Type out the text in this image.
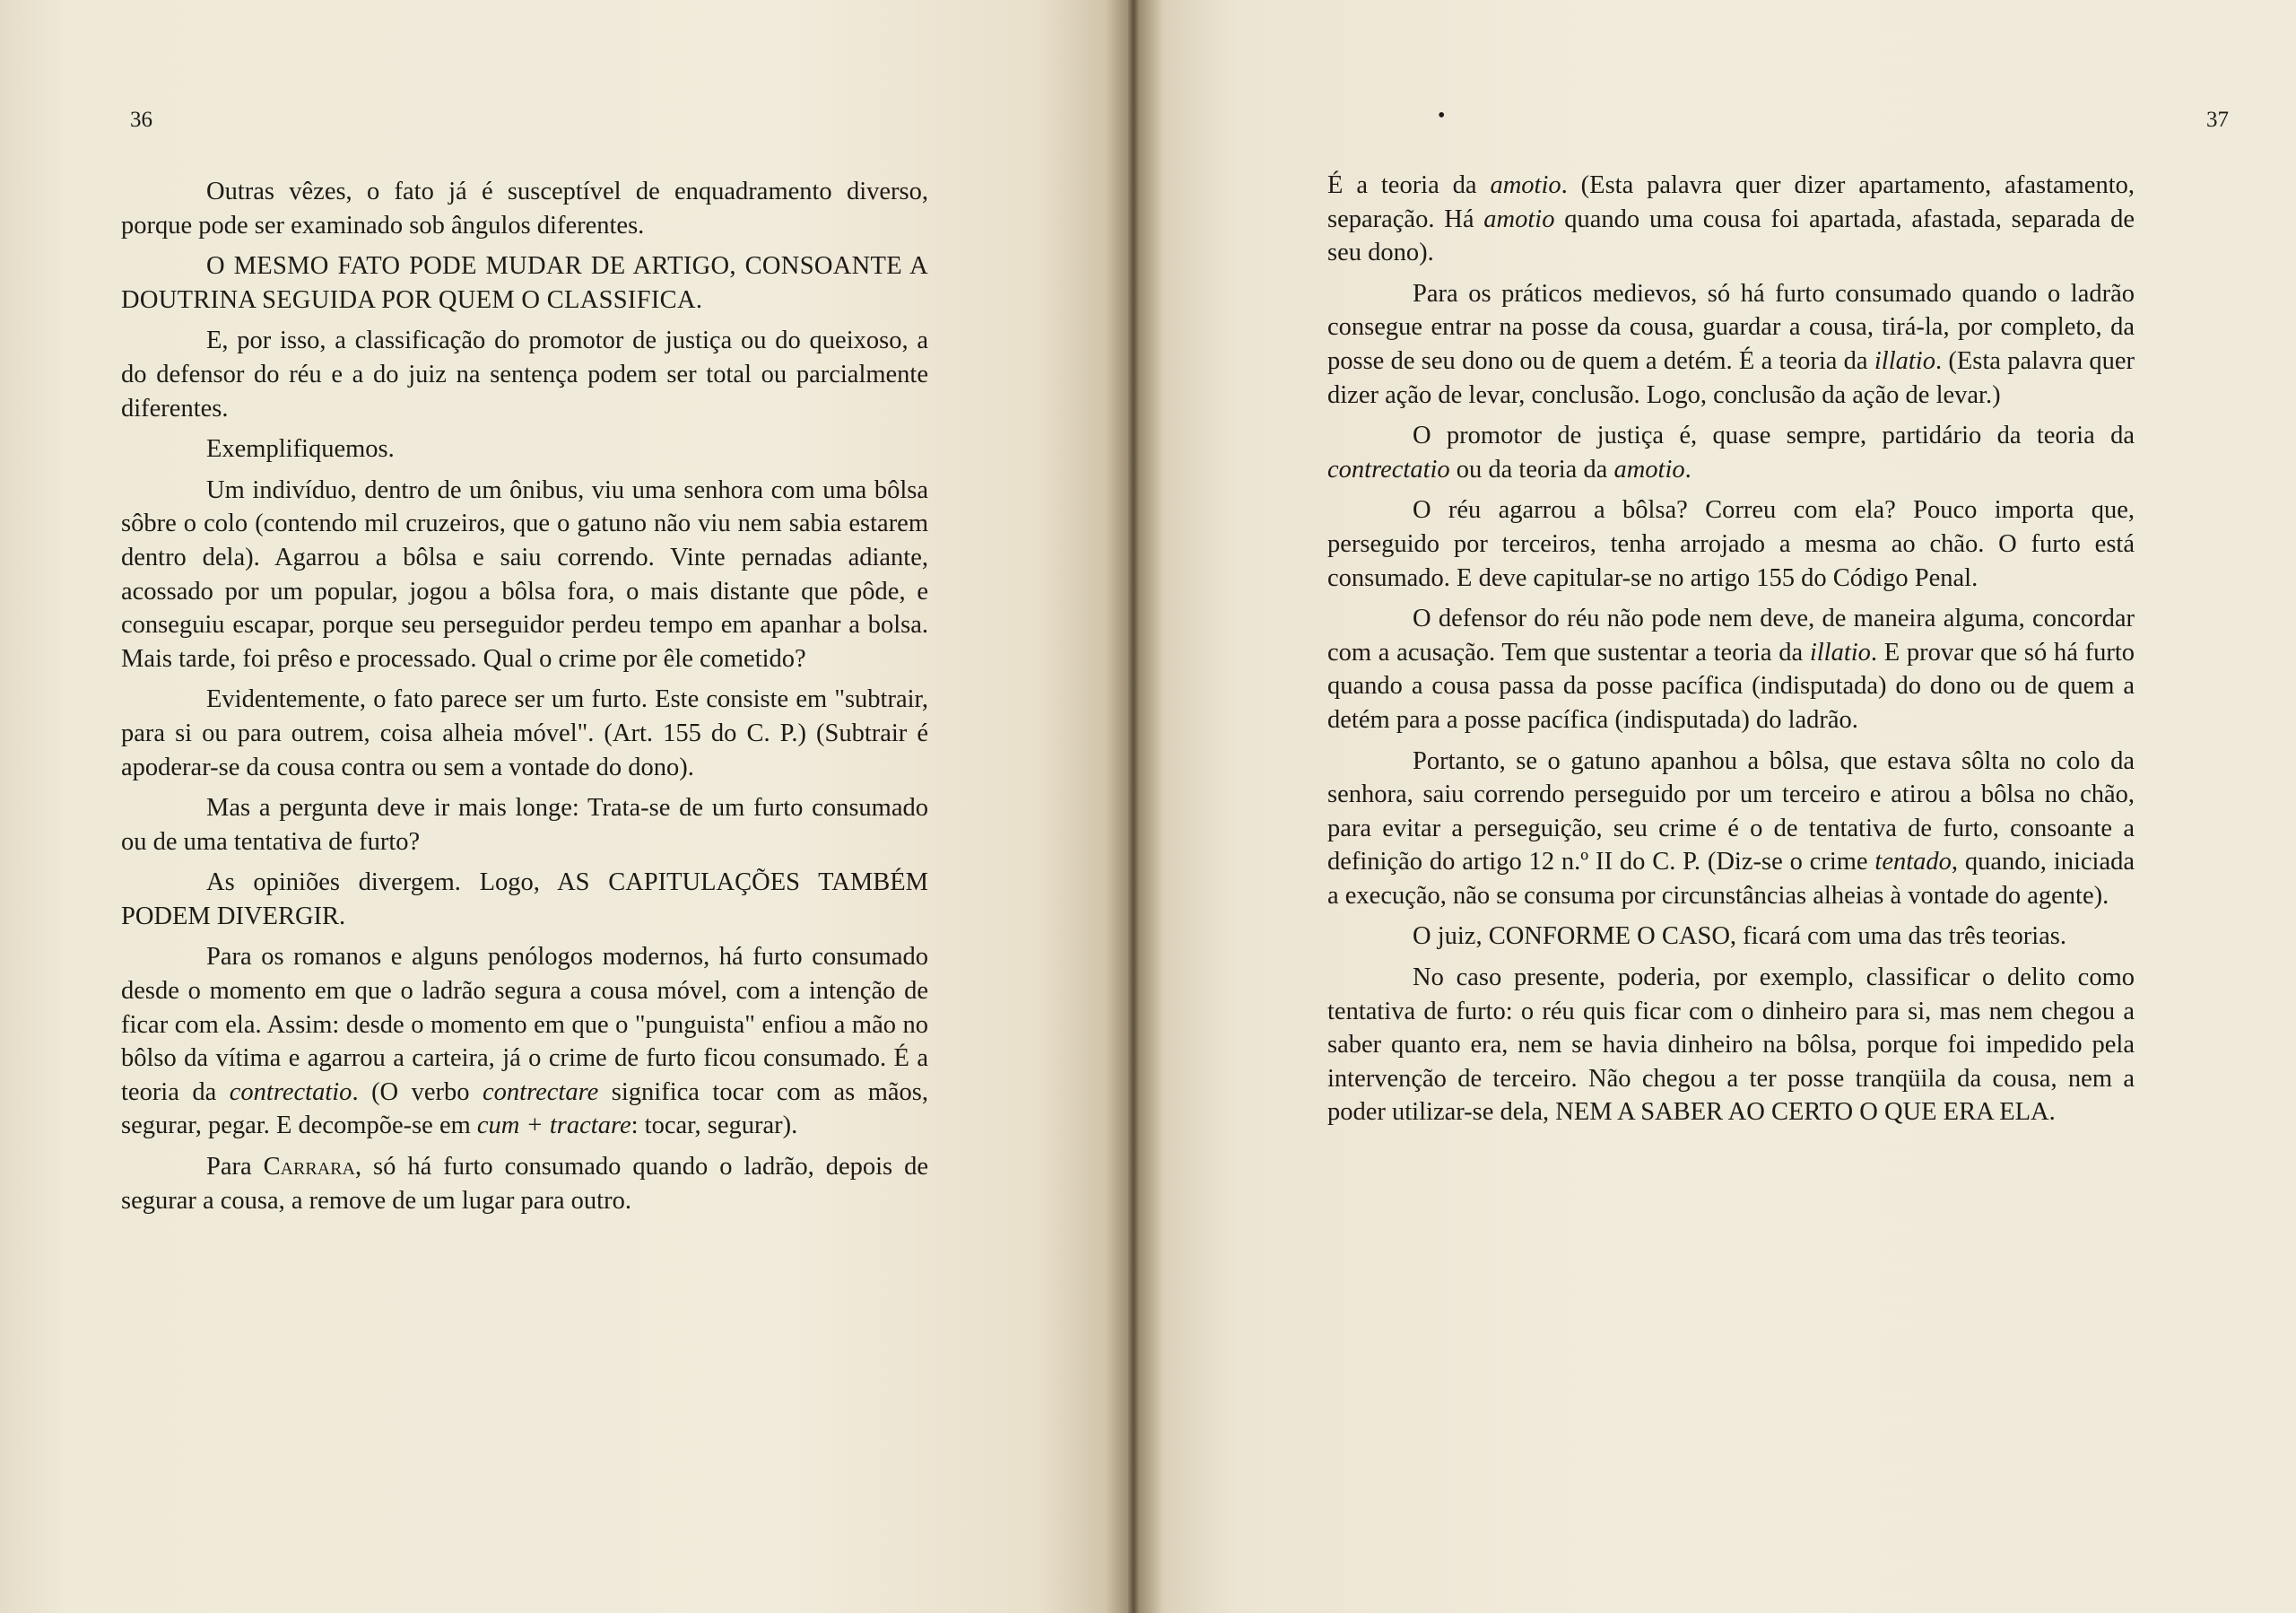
36

Outras vêzes, o fato já é susceptível de enquadramento diverso, porque pode ser examinado sob ângulos diferentes.

O MESMO FATO PODE MUDAR DE ARTIGO, CONSOANTE A DOUTRINA SEGUIDA POR QUEM O CLASSIFICA.

E, por isso, a classificação do promotor de justiça ou do queixoso, a do defensor do réu e a do juiz na sentença podem ser total ou parcialmente diferentes.

Exemplifiquemos.

Um indivíduo, dentro de um ônibus, viu uma senhora com uma bôlsa sôbre o colo (contendo mil cruzeiros, que o gatuno não viu nem sabia estarem dentro dela). Agarrou a bôlsa e saiu correndo. Vinte pernadas adiante, acossado por um popular, jogou a bôlsa fora, o mais distante que pôde, e conseguiu escapar, porque seu perseguidor perdeu tempo em apanhar a bolsa. Mais tarde, foi prêso e processado. Qual o crime por êle cometido?

Evidentemente, o fato parece ser um furto. Este consiste em "subtrair, para si ou para outrem, coisa alheia móvel". (Art. 155 do C. P.) (Subtrair é apoderar-se da cousa contra ou sem a vontade do dono).

Mas a pergunta deve ir mais longe: Trata-se de um furto consumado ou de uma tentativa de furto?

As opiniões divergem. Logo, AS CAPITULAÇÕES TAMBÉM PODEM DIVERGIR.

Para os romanos e alguns penólogos modernos, há furto consumado desde o momento em que o ladrão segura a cousa móvel, com a intenção de ficar com ela. Assim: desde o momento em que o "punguista" enfiou a mão no bôlso da vítima e agarrou a carteira, já o crime de furto ficou consumado. É a teoria da contrectatio. (O verbo contrectare significa tocar com as mãos, segurar, pegar. E decompõe-se em cum + tractare: tocar, segurar).

Para Carrara, só há furto consumado quando o ladrão, depois de segurar a cousa, a remove de um lugar para outro.

•	37

É a teoria da amotio. (Esta palavra quer dizer apartamento, afastamento, separação. Há amotio quando uma cousa foi apartada, afastada, separada de seu dono).

Para os práticos medievos, só há furto consumado quando o ladrão consegue entrar na posse da cousa, guardar a cousa, tirá-la, por completo, da posse de seu dono ou de quem a detém. É a teoria da illatio. (Esta palavra quer dizer ação de levar, conclusão. Logo, conclusão da ação de levar.)

O promotor de justiça é, quase sempre, partidário da teoria da contrectatio ou da teoria da amotio.

O réu agarrou a bôlsa? Correu com ela? Pouco importa que, perseguido por terceiros, tenha arrojado a mesma ao chão. O furto está consumado. E deve capitular-se no artigo 155 do Código Penal.

O defensor do réu não pode nem deve, de maneira alguma, concordar com a acusação. Tem que sustentar a teoria da illatio. E provar que só há furto quando a cousa passa da posse pacífica (indisputada) do dono ou de quem a detém para a posse pacífica (indisputada) do ladrão.

Portanto, se o gatuno apanhou a bôlsa, que estava sôlta no colo da senhora, saiu correndo perseguido por um terceiro e atirou a bôlsa no chão, para evitar a perseguição, seu crime é o de tentativa de furto, consoante a definição do artigo 12 n.º II do C. P. (Diz-se o crime tentado, quando, iniciada a execução, não se consuma por circunstâncias alheias à vontade do agente).

O juiz, CONFORME O CASO, ficará com uma das três teorias.

No caso presente, poderia, por exemplo, classificar o delito como tentativa de furto: o réu quis ficar com o dinheiro para si, mas nem chegou a saber quanto era, nem se havia dinheiro na bôlsa, porque foi impedido pela intervenção de terceiro. Não chegou a ter posse tranqüila da cousa, nem a poder utilizar-se dela, NEM A SABER AO CERTO O QUE ERA ELA.
